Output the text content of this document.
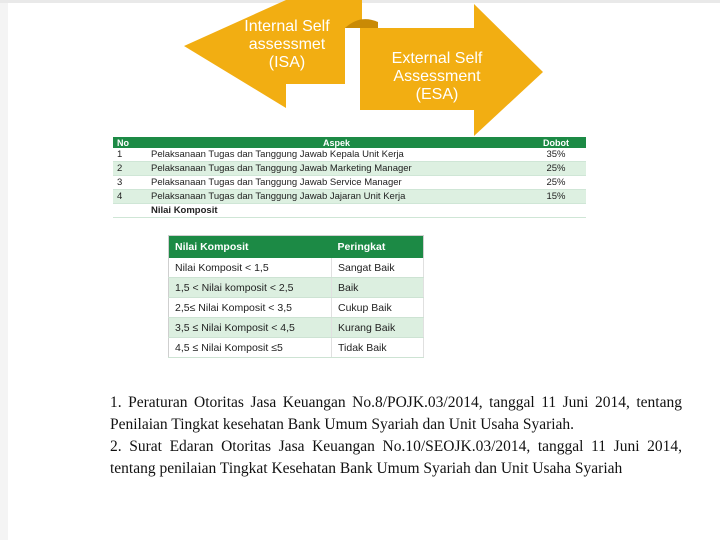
Internal Self
assessmet
(ISA)	External Self
Assessment
(ESA)
No	Aspek	Dobot
1	Pelaksanaan Tugas dan Tanggung Jawab Kepala Unit Kerja	35%
2	Pelaksanaan Tugas dan Tanggung Jawab Marketing Manager	25%
3	Pelaksanaan Tugas dan Tanggung Jawab Service Manager	25%
4	Pelaksanaan Tugas dan Tanggung Jawab Jajaran Unit Kerja	15%
	Nilai Komposit	
Nilai Komposit	Peringkat
Nilai Komposit < 1,5	Sangat Baik
1,5 < Nilai komposit < 2,5	Baik
2,5≤ Nilai Komposit < 3,5	Cukup Baik
3,5 ≤ Nilai Komposit < 4,5	Kurang Baik
4,5 ≤ Nilai Komposit ≤5	Tidak Baik

1. Peraturan Otoritas Jasa Keuangan No.8/POJK.03/2014, tanggal 11 Juni 2014, tentang Penilaian Tingkat kesehatan Bank Umum Syariah dan Unit Usaha Syariah.

2. Surat Edaran Otoritas Jasa Keuangan No.10/SEOJK.03/2014, tanggal 11 Juni 2014, tentang penilaian Tingkat Kesehatan Bank Umum Syariah dan Unit Usaha Syariah
